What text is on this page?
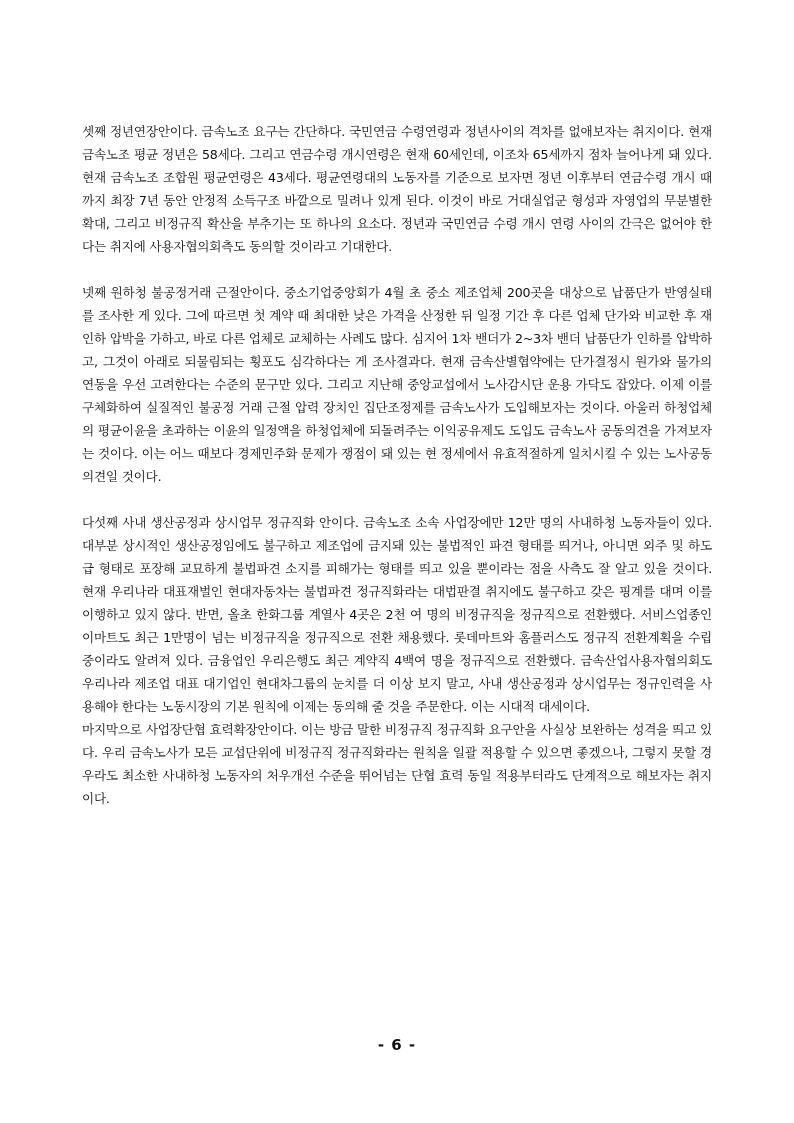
셋째 정년연장안이다. 금속노조 요구는 간단하다. 국민연금 수령연령과 정년사이의 격차를 없애보자는 취지이다. 현재 금속노조 평균 정년은 58세다. 그리고 연금수령 개시연령은 현재 60세인데, 이조차 65세까지 점차 늘어나게 돼 있다. 현재 금속노조 조합원 평균연령은 43세다. 평균연령대의 노동자를 기준으로 보자면 정년 이후부터 연금수령 개시 때까지 최장 7년 동안 안정적 소득구조 바깥으로 밀려나 있게 된다. 이것이 바로 거대실업군 형성과 자영업의 무분별한 확대, 그리고 비정규직 확산을 부추기는 또 하나의 요소다. 정년과 국민연금 수령 개시 연령 사이의 간극은 없어야 한다는 취지에 사용자협의회측도 동의할 것이라고 기대한다.

넷째 원하청 불공정거래 근절안이다. 중소기업중앙회가 4월 초 중소 제조업체 200곳을 대상으로 납품단가 반영실태를 조사한 게 있다. 그에 따르면 첫 계약 때 최대한 낮은 가격을 산정한 뒤 일정 기간 후 다른 업체 단가와 비교한 후 재인하 압박을 가하고, 바로 다른 업체로 교체하는 사례도 많다. 심지어 1차 밴더가 2~3차 밴더 납품단가 인하를 압박하고, 그것이 아래로 되물림되는 횡포도 심각하다는 게 조사결과다. 현재 금속산별협약에는 단가결정시 원가와 물가의 연동을 우선 고려한다는 수준의 문구만 있다. 그리고 지난해 중앙교섭에서 노사감시단 운용 가닥도 잡았다. 이제 이를 구체화하여 실질적인 불공정 거래 근절 압력 장치인 집단조정제를 금속노사가 도입해보자는 것이다. 아울러 하청업체의 평균이윤을 초과하는 이윤의 일정액을 하청업체에 되돌려주는 이익공유제도 도입도 금속노사 공동의견을 가져보자는 것이다. 이는 어느 때보다 경제민주화 문제가 쟁점이 돼 있는 현 정세에서 유효적절하게 일치시킬 수 있는 노사공동의견일 것이다.

다섯째 사내 생산공정과 상시업무 정규직화 안이다. 금속노조 소속 사업장에만 12만 명의 사내하청 노동자들이 있다. 대부분 상시적인 생산공정임에도 불구하고 제조업에 금지돼 있는 불법적인 파견 형태를 띄거나, 아니면 외주 및 하도급 형태로 포장해 교묘하게 불법파견 소지를 피해가는 형태를 띄고 있을 뿐이라는 점을 사측도 잘 알고 있을 것이다. 현재 우리나라 대표재벌인 현대자동차는 불법파견 정규직화라는 대법판결 취지에도 불구하고 갖은 핑계를 대며 이를 이행하고 있지 않다. 반면, 올초 한화그룹 계열사 4곳은 2천 여 명의 비정규직을 정규직으로 전환했다. 서비스업종인 이마트도 최근 1만명이 넘는 비정규직을 정규직으로 전환 채용했다. 롯데마트와 홈플러스도 정규직 전환계획을 수립중이라도 알려져 있다. 금융업인 우리은행도 최근 계약직 4백여 명을 정규직으로 전환했다. 금속산업사용자협의회도 우리나라 제조업 대표 대기업인 현대차그룹의 눈치를 더 이상 보지 말고, 사내 생산공정과 상시업무는 정규인력을 사용해야 한다는 노동시장의 기본 원칙에 이제는 동의해 줄 것을 주문한다. 이는 시대적 대세이다.

마지막으로 사업장단협 효력확장안이다. 이는 방금 말한 비정규직 정규직화 요구안을 사실상 보완하는 성격을 띄고 있다. 우리 금속노사가 모든 교섭단위에 비정규직 정규직화라는 원칙을 일괄 적용할 수 있으면 좋겠으나, 그렇지 못할 경우라도 최소한 사내하청 노동자의 처우개선 수준을 뛰어넘는 단협 효력 동일 적용부터라도 단계적으로 해보자는 취지이다.

- 6 -
